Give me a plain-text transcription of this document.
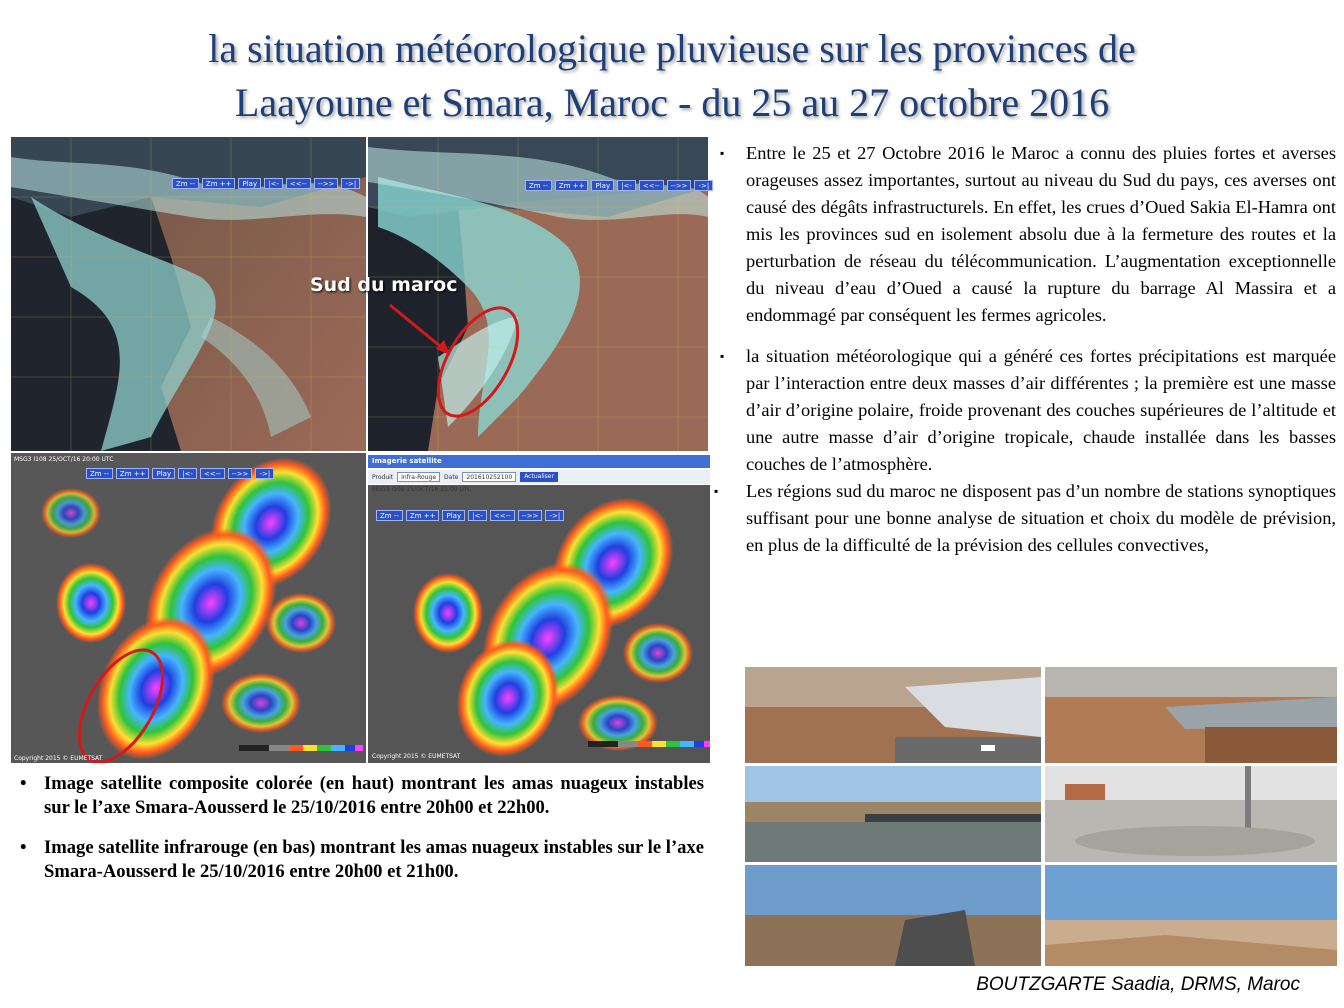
la situation météorologique pluvieuse sur les provinces de
Laayoune et Smara, Maroc - du 25 au 27 octobre 2016
Zm --	Zm ++	Play	|<-	<<--	-->>	->|	Zm --	Zm ++	Play	|<-	<<--	-->>	->|
Sud du maroc
MSG3 I108 25/OCT/16 20:00 UTC
Copyright 2015 © EUMETSAT
Zm --	Zm ++	Play	|<-	<<--	-->>	->|
Imagerie satellite
Produit	Infra-Rouge	Date	201610252100	Actualiser
MSG3 I108 25/OCT/16 21:00 UTC
Copyright 2015 © EUMETSAT
Zm --	Zm ++	Play	|<-	<<--	-->>	->|
▪ Entre le 25 et 27 Octobre 2016 le Maroc a connu des pluies fortes et averses orageuses assez importantes, surtout au niveau du Sud du pays, ces averses ont causé des dégâts infrastructurels. En effet, les crues d’Oued Sakia El-Hamra ont mis les provinces sud en isolement absolu due à la fermeture des routes et la perturbation de réseau du télécommunication. L’augmentation exceptionnelle du niveau d’eau d’Oued a causé la rupture du barrage Al Massira et a endommagé par conséquent les fermes agricoles.
▪ la situation météorologique qui a généré ces fortes précipitations est marquée par l’interaction entre deux masses d’air différentes ; la première est une masse d’air d’origine polaire, froide provenant des couches supérieures de l’altitude et une autre masse d’air d’origine tropicale, chaude installée dans les basses couches de l’atmosphère.
▪ Les régions sud du maroc ne disposent pas d’un nombre de stations synoptiques suffisant pour une bonne analyse de situation et choix du modèle de prévision, en plus de la difficulté de la prévision des cellules convectives,
• Image satellite composite colorée (en haut) montrant les amas nuageux instables sur le l’axe Smara-Aousserd le 25/10/2016 entre 20h00 et 22h00.
• Image satellite infrarouge (en bas) montrant les amas nuageux instables sur le l’axe Smara-Aousserd le 25/10/2016 entre 20h00 et 21h00.
BOUTZGARTE Saadia, DRMS, Maroc
